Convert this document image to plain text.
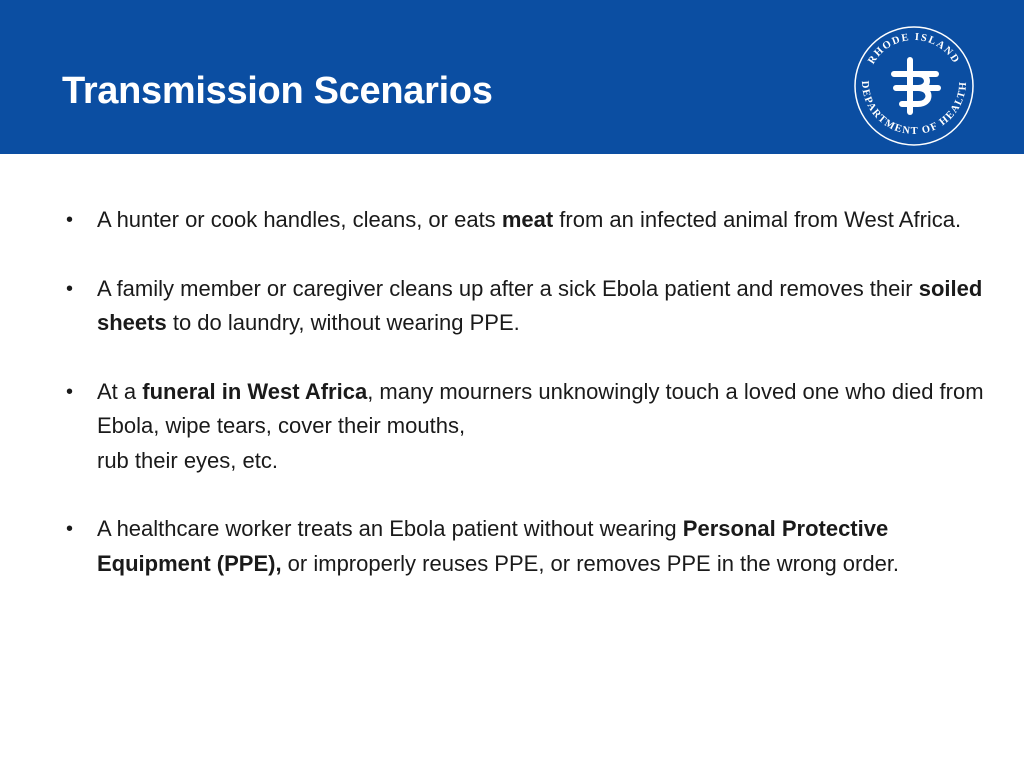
Transmission Scenarios
RHODE ISLAND
DEPARTMENT OF HEALTH

• A hunter or cook handles, cleans, or eats meat from an infected animal from West Africa.

• A family member or caregiver cleans up after a sick Ebola patient and removes their soiled sheets to do laundry, without wearing PPE.

• At a funeral in West Africa, many mourners unknowingly touch a loved one who died from Ebola, wipe tears, cover their mouths,
rub their eyes, etc.

• A healthcare worker treats an Ebola patient without wearing Personal Protective Equipment (PPE), or improperly reuses PPE, or removes PPE in the wrong order.
